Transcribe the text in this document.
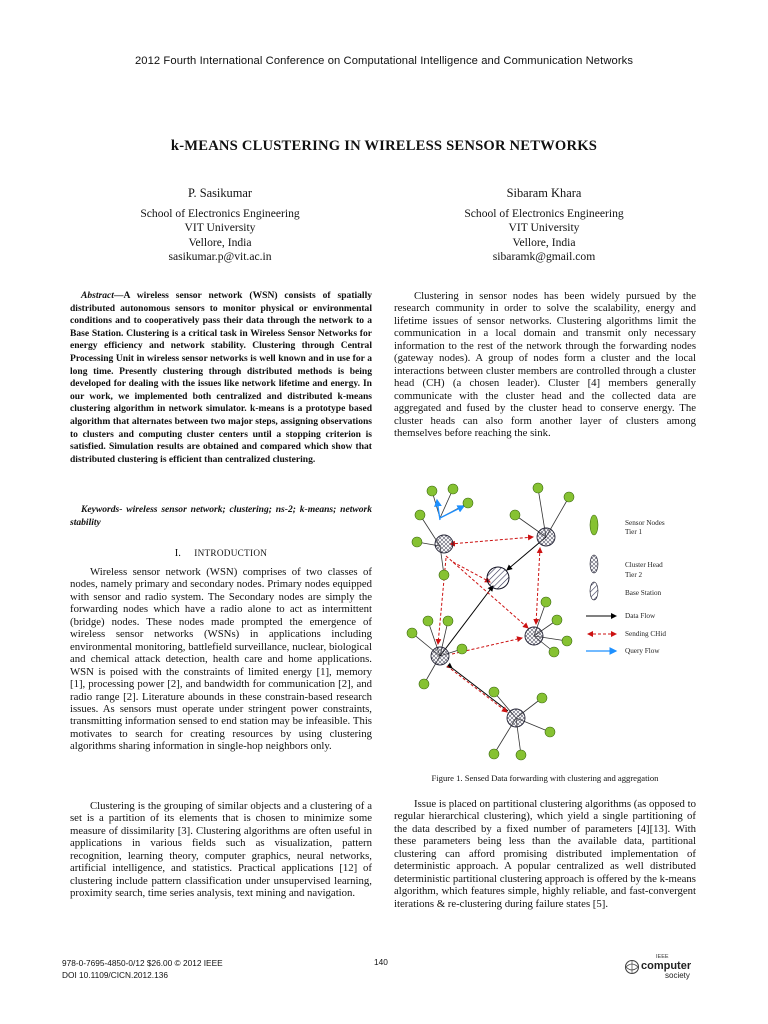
2012 Fourth International Conference on Computational Intelligence and Communication Networks
k-MEANS CLUSTERING IN WIRELESS SENSOR NETWORKS
P. Sasikumar
School of Electronics Engineering
VIT University
Vellore, India
sasikumar.p@vit.ac.in
Sibaram Khara
School of Electronics Engineering
VIT University
Vellore, India
sibaramk@gmail.com
Abstract—A wireless sensor network (WSN) consists of spatially distributed autonomous sensors to monitor physical or environmental conditions and to cooperatively pass their data through the network to a Base Station. Clustering is a critical task in Wireless Sensor Networks for energy efficiency and network stability. Clustering through Central Processing Unit in wireless sensor networks is well known and in use for a long time. Presently clustering through distributed methods is being developed for dealing with the issues like network lifetime and energy. In our work, we implemented both centralized and distributed k-means clustering algorithm in network simulator. k-means is a prototype based algorithm that alternates between two major steps, assigning observations to clusters and computing cluster centers until a stopping criterion is satisfied. Simulation results are obtained and compared which show that distributed clustering is efficient than centralized clustering.
Keywords- wireless sensor network; clustering; ns-2; k-means; network stability
I. INTRODUCTION
Wireless sensor network (WSN) comprises of two classes of nodes, namely primary and secondary nodes. Primary nodes equipped with sensor and radio system. The Secondary nodes are simply the forwarding nodes which have a radio alone to act as intermittent (bridge) nodes. These nodes made prompted the emergence of wireless sensor networks (WSNs) in applications including environmental monitoring, battlefield surveillance, nuclear, biological and chemical attack detection, health care and home applications. WSN is poised with the constraints of limited energy [1], memory [1], processing power [2], and bandwidth for communication [2], and radio range [2]. Literature abounds in these constrain-based research issues. As sensors must operate under stringent power constraints, transmitting information sensed to end station may be infeasible. This motivates to search for creating resources by using clustering algorithms sharing information in single-hop neighbors only.
Clustering is the grouping of similar objects and a clustering of a set is a partition of its elements that is chosen to minimize some measure of dissimilarity [3]. Clustering algorithms are often useful in applications in various fields such as visualization, pattern recognition, learning theory, computer graphics, neural networks, artificial intelligence, and statistics. Practical applications [12] of clustering include pattern classification under unsupervised learning, proximity search, time series analysis, text mining and navigation.
Clustering in sensor nodes has been widely pursued by the research community in order to solve the scalability, energy and lifetime issues of sensor networks. Clustering algorithms limit the communication in a local domain and transmit only necessary information to the rest of the network through the forwarding nodes (gateway nodes). A group of nodes form a cluster and the local interactions between cluster members are controlled through a cluster head (CH) (a chosen leader). Cluster [4] members generally communicate with the cluster head and the collected data are aggregated and fused by the cluster head to conserve energy. The cluster heads can also form another layer of clusters among themselves before reaching the sink.
Sensor Nodes
Tier 1
Cluster Head
Tier 2
Base Station
Data Flow
Sending CHid
Query Flow
Figure 1. Sensed Data forwarding with clustering and aggregation
Issue is placed on partitional clustering algorithms (as opposed to regular hierarchical clustering), which yield a single partitioning of the data described by a fixed number of parameters [4][13]. With these parameters being less than the available data, partitional clustering can afford promising distributed implementation of deterministic approach. A popular centralized as well distributed deterministic partitional clustering approach is offered by the k-means algorithm, which features simple, highly reliable, and fast-convergent iterations & re-clustering during failure states [5].
978-0-7695-4850-0/12 $26.00 © 2012 IEEE
DOI 10.1109/CICN.2012.136
140	IEEE
computer
society
